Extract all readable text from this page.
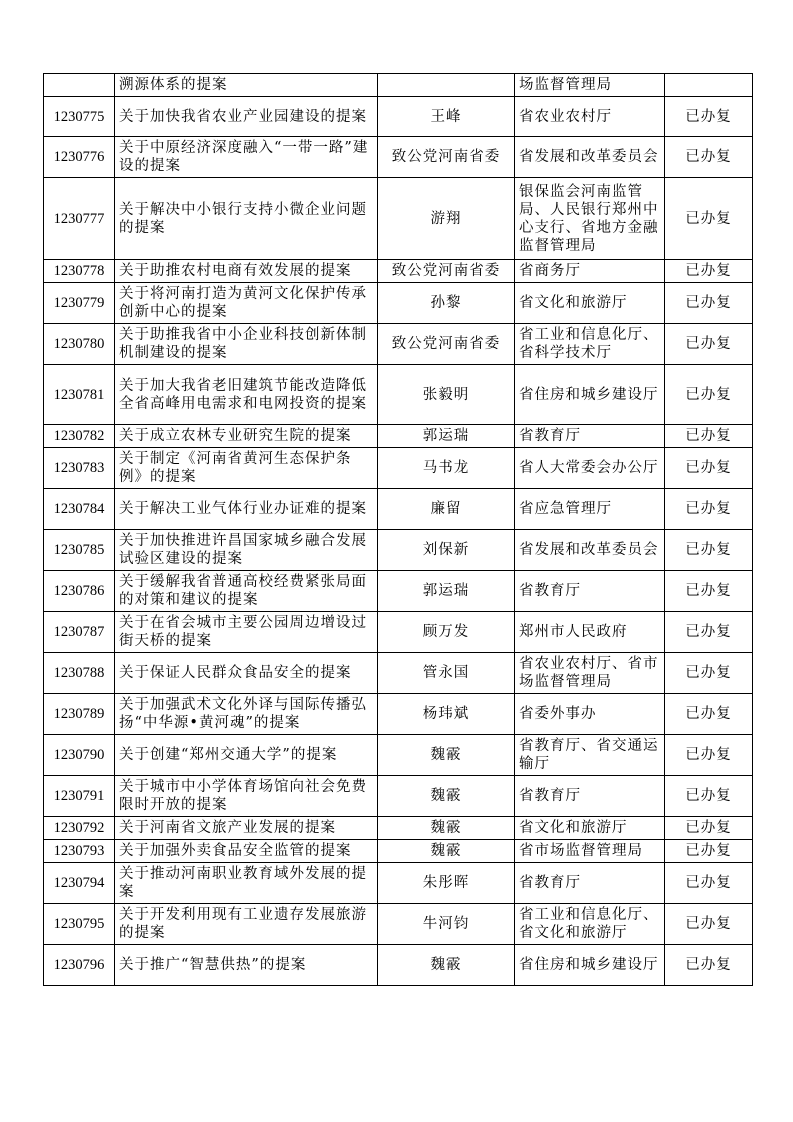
	溯源体系的提案		场监督管理局	
1230775	关于加快我省农业产业园建设的提案	王峰	省农业农村厅	已办复
1230776	关于中原经济深度融入“一带一路”建设的提案	致公党河南省委	省发展和改革委员会	已办复
1230777	关于解决中小银行支持小微企业问题的提案	游翔	银保监会河南监管局、人民银行郑州中心支行、省地方金融监督管理局	已办复
1230778	关于助推农村电商有效发展的提案	致公党河南省委	省商务厅	已办复
1230779	关于将河南打造为黄河文化保护传承创新中心的提案	孙黎	省文化和旅游厅	已办复
1230780	关于助推我省中小企业科技创新体制机制建设的提案	致公党河南省委	省工业和信息化厅、省科学技术厅	已办复
1230781	关于加大我省老旧建筑节能改造降低全省高峰用电需求和电网投资的提案	张毅明	省住房和城乡建设厅	已办复
1230782	关于成立农林专业研究生院的提案	郭运瑞	省教育厅	已办复
1230783	关于制定《河南省黄河生态保护条例》的提案	马书龙	省人大常委会办公厅	已办复
1230784	关于解决工业气体行业办证难的提案	廉留	省应急管理厅	已办复
1230785	关于加快推进许昌国家城乡融合发展试验区建设的提案	刘保新	省发展和改革委员会	已办复
1230786	关于缓解我省普通高校经费紧张局面的对策和建议的提案	郭运瑞	省教育厅	已办复
1230787	关于在省会城市主要公园周边增设过街天桥的提案	顾万发	郑州市人民政府	已办复
1230788	关于保证人民群众食品安全的提案	管永国	省农业农村厅、省市场监督管理局	已办复
1230789	关于加强武术文化外译与国际传播弘扬“中华源•黄河魂”的提案	杨玮斌	省委外事办	已办复
1230790	关于创建“郑州交通大学”的提案	魏霰	省教育厅、省交通运输厅	已办复
1230791	关于城市中小学体育场馆向社会免费限时开放的提案	魏霰	省教育厅	已办复
1230792	关于河南省文旅产业发展的提案	魏霰	省文化和旅游厅	已办复
1230793	关于加强外卖食品安全监管的提案	魏霰	省市场监督管理局	已办复
1230794	关于推动河南职业教育域外发展的提案	朱彤晖	省教育厅	已办复
1230795	关于开发利用现有工业遗存发展旅游的提案	牛河钧	省工业和信息化厅、省文化和旅游厅	已办复
1230796	关于推广“智慧供热”的提案	魏霰	省住房和城乡建设厅	已办复
